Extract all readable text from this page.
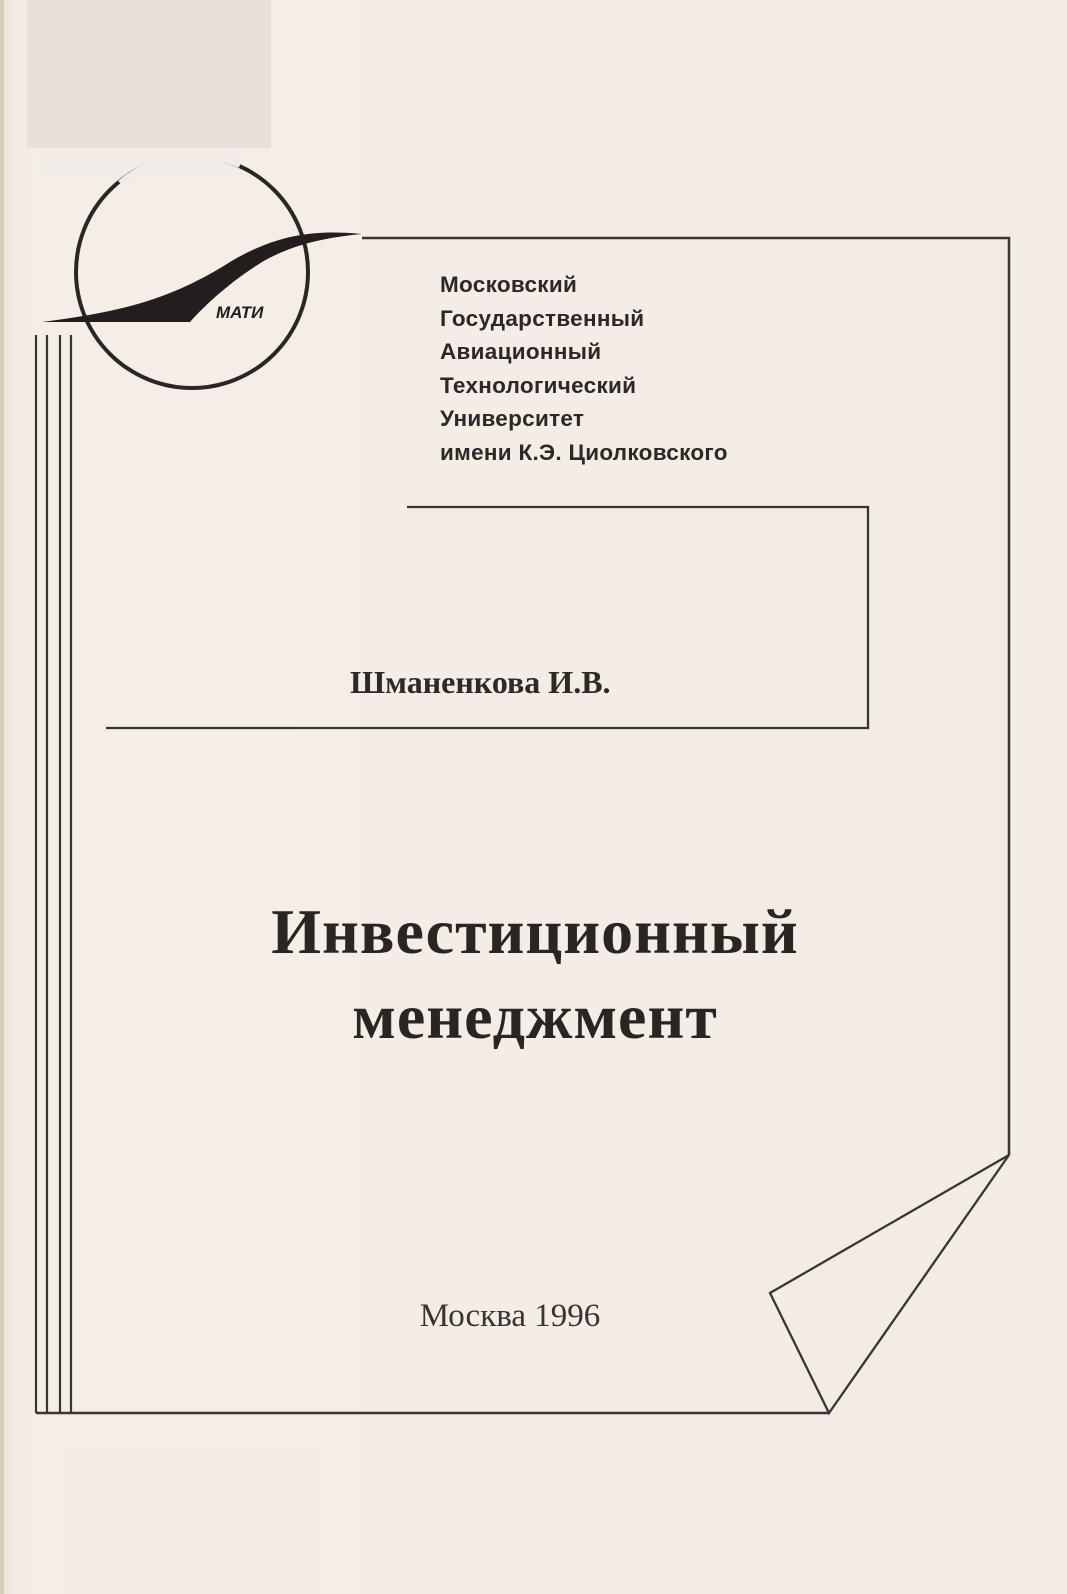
МАТИ
Московский
Государственный
Авиационный
Технологический
Университет
имени К.Э. Циолковского
Шманенкова И.В.
Инвестиционный
менеджмент
Москва 1996
